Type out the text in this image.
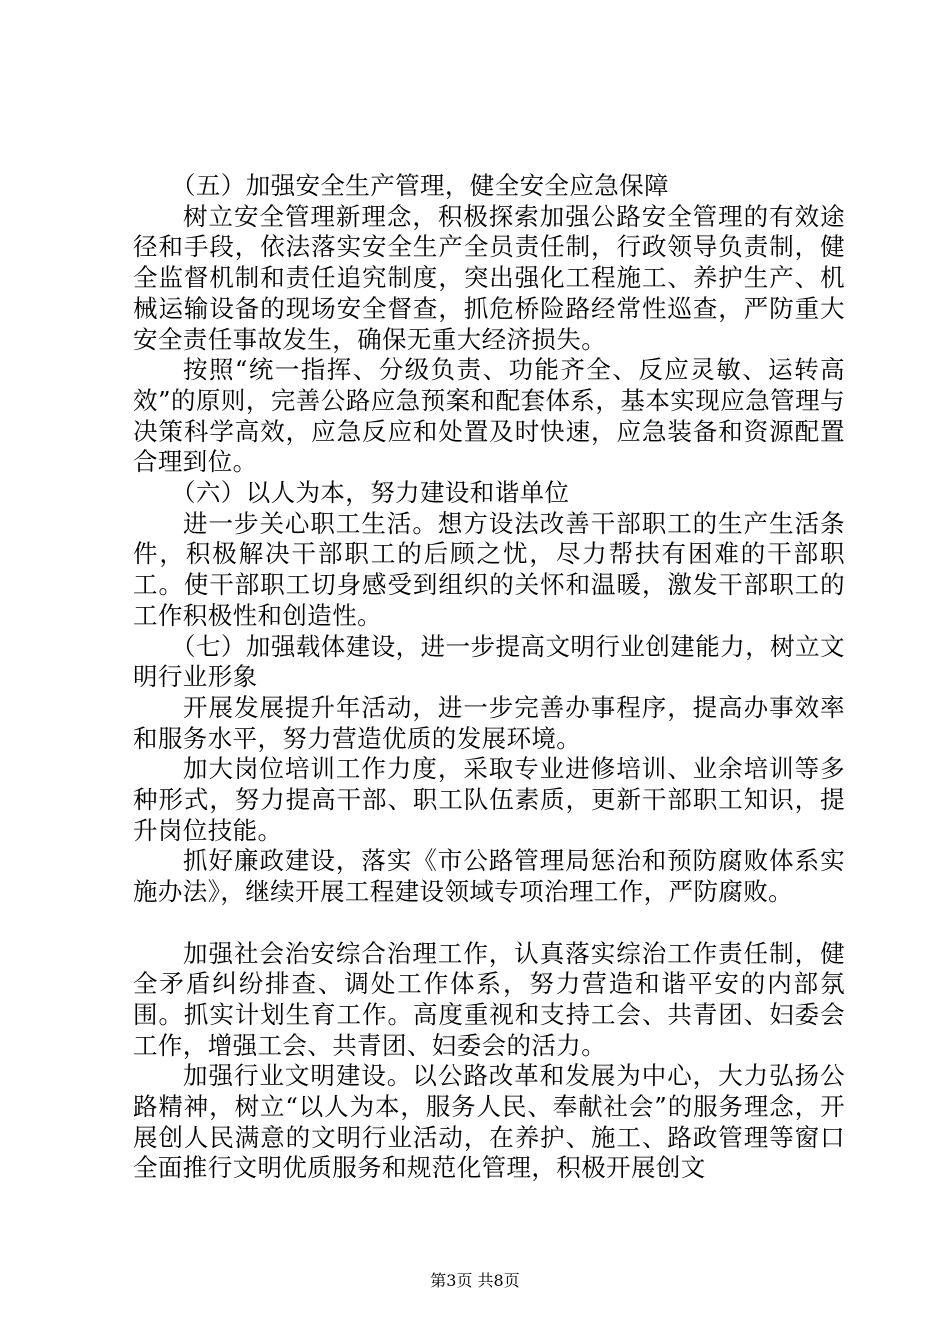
（五）加强安全生产管理，健全安全应急保障

树立安全管理新理念，积极探索加强公路安全管理的有效途径和手段，依法落实安全生产全员责任制，行政领导负责制，健全监督机制和责任追究制度，突出强化工程施工、养护生产、机械运输设备的现场安全督查，抓危桥险路经常性巡查，严防重大安全责任事故发生，确保无重大经济损失。

按照“统一指挥、分级负责、功能齐全、反应灵敏、运转高效”的原则，完善公路应急预案和配套体系，基本实现应急管理与决策科学高效，应急反应和处置及时快速，应急装备和资源配置合理到位。

（六）以人为本，努力建设和谐单位

进一步关心职工生活。想方设法改善干部职工的生产生活条件，积极解决干部职工的后顾之忧，尽力帮扶有困难的干部职工。使干部职工切身感受到组织的关怀和温暖，激发干部职工的工作积极性和创造性。

（七）加强载体建设，进一步提高文明行业创建能力，树立文明行业形象

开展发展提升年活动，进一步完善办事程序，提高办事效率和服务水平，努力营造优质的发展环境。

加大岗位培训工作力度，采取专业进修培训、业余培训等多种形式，努力提高干部、职工队伍素质，更新干部职工知识，提升岗位技能。

抓好廉政建设，落实《市公路管理局惩治和预防腐败体系实施办法》，继续开展工程建设领域专项治理工作，严防腐败。

加强社会治安综合治理工作，认真落实综治工作责任制，健全矛盾纠纷排查、调处工作体系，努力营造和谐平安的内部氛围。抓实计划生育工作。高度重视和支持工会、共青团、妇委会工作，增强工会、共青团、妇委会的活力。

加强行业文明建设。以公路改革和发展为中心，大力弘扬公路精神，树立“以人为本，服务人民、奉献社会”的服务理念，开展创人民满意的文明行业活动，在养护、施工、路政管理等窗口全面推行文明优质服务和规范化管理，积极开展创文

第3页 共8页
